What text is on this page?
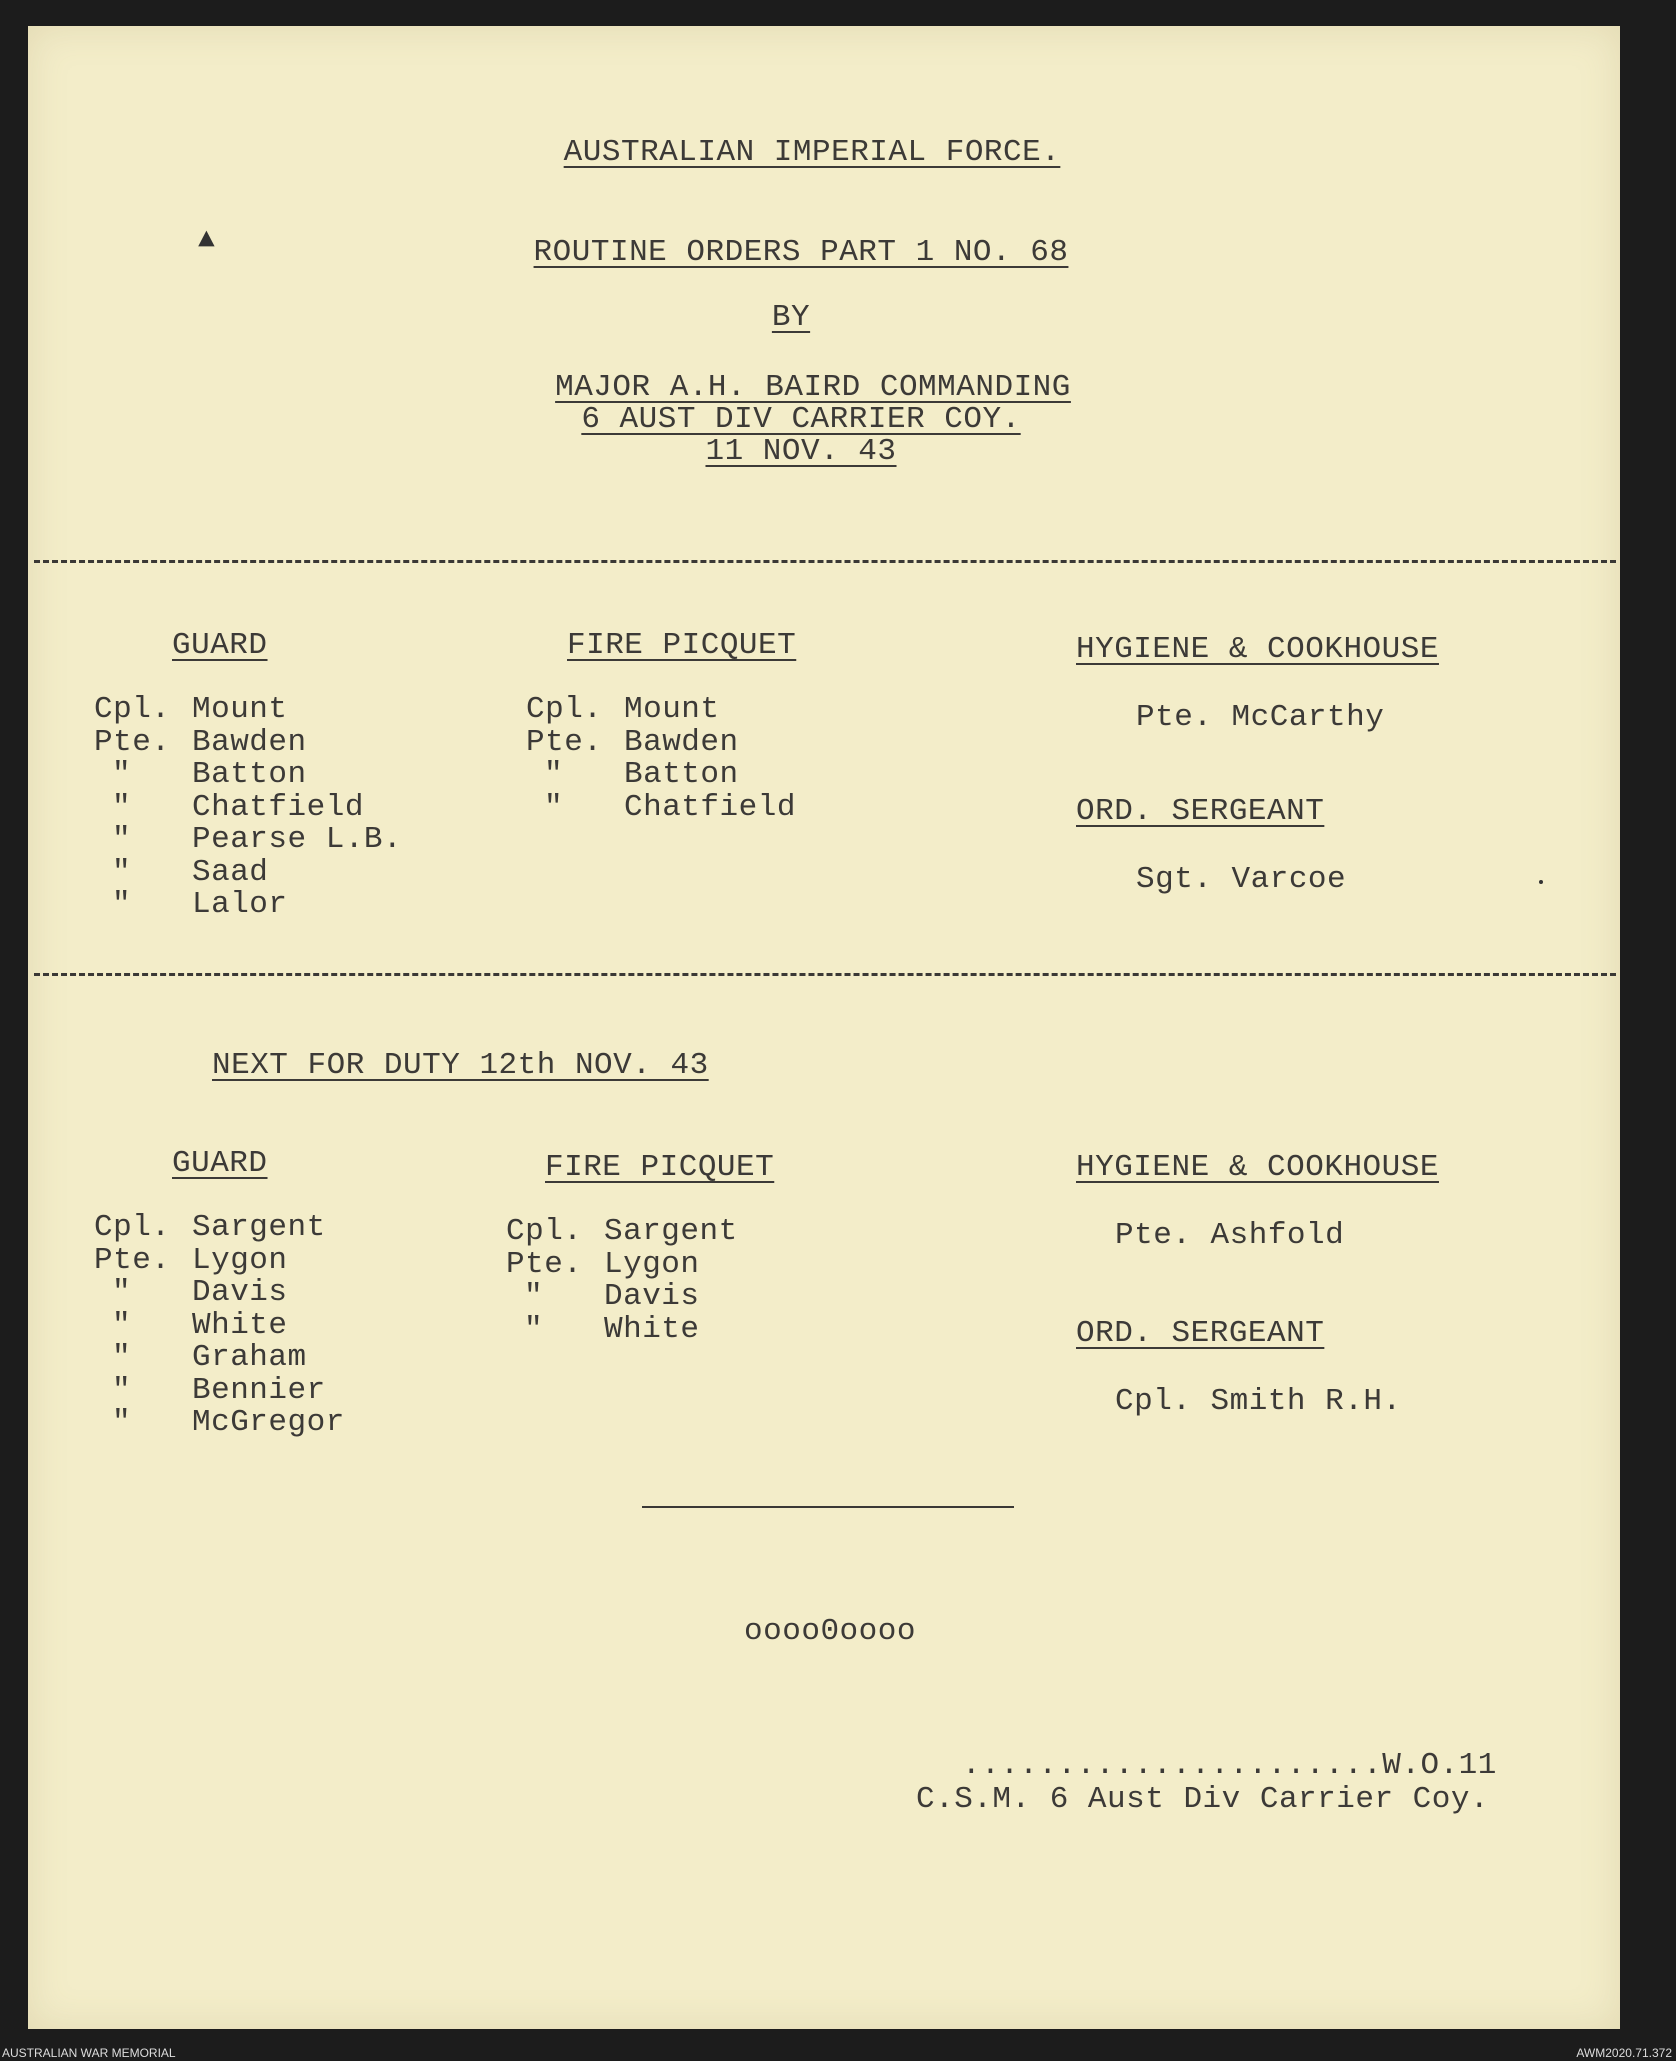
AUSTRALIAN IMPERIAL FORCE.
ROUTINE ORDERS PART 1 NO. 68
BY
MAJOR A.H. BAIRD COMMANDING
6 AUST DIV CARRIER COY.
11 NOV. 43
▲
GUARD
Cpl. Mount
Pte. Bawden
" Batton
" Chatfield
" Pearse L.B.
" Saad
" Lalor
FIRE PICQUET
Cpl. Mount
Pte. Bawden
" Batton
" Chatfield
HYGIENE & COOKHOUSE
Pte. McCarthy
ORD. SERGEANT
Sgt. Varcoe
NEXT FOR DUTY 12th NOV. 43
GUARD
Cpl. Sargent
Pte. Lygon
" Davis
" White
" Graham
" Bennier
" McGregor
FIRE PICQUET
Cpl. Sargent
Pte. Lygon
" Davis
" White
HYGIENE & COOKHOUSE
Pte. Ashfold
ORD. SERGEANT
Cpl. Smith R.H.
oooo0oooo
......................W.O.11
C.S.M. 6 Aust Div Carrier Coy.
AUSTRALIAN WAR MEMORIAL	AWM2020.71.372
